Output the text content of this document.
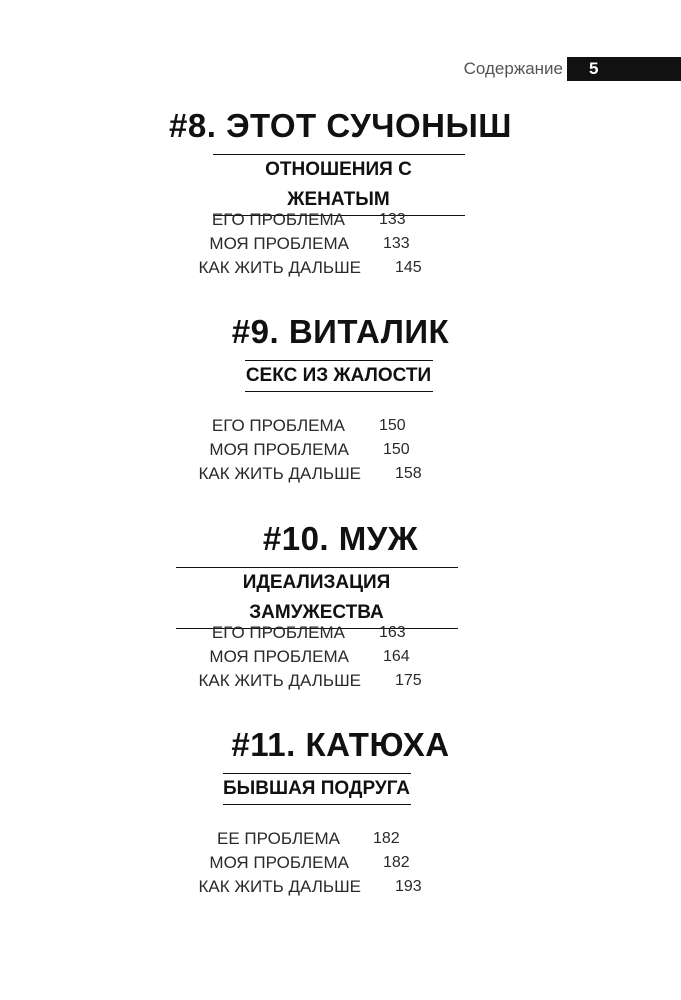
Содержание 5
#8. ЭТОТ СУЧОНЫШ
ОТНОШЕНИЯ С ЖЕНАТЫМ
ЕГО ПРОБЛЕМА 133
МОЯ ПРОБЛЕМА 133
КАК ЖИТЬ ДАЛЬШЕ 145
#9. ВИТАЛИК
СЕКС ИЗ ЖАЛОСТИ
ЕГО ПРОБЛЕМА 150
МОЯ ПРОБЛЕМА 150
КАК ЖИТЬ ДАЛЬШЕ 158
#10. МУЖ
ИДЕАЛИЗАЦИЯ ЗАМУЖЕСТВА
ЕГО ПРОБЛЕМА 163
МОЯ ПРОБЛЕМА 164
КАК ЖИТЬ ДАЛЬШЕ 175
#11. КАТЮХА
БЫВШАЯ ПОДРУГА
ЕЕ ПРОБЛЕМА 182
МОЯ ПРОБЛЕМА 182
КАК ЖИТЬ ДАЛЬШЕ 193
